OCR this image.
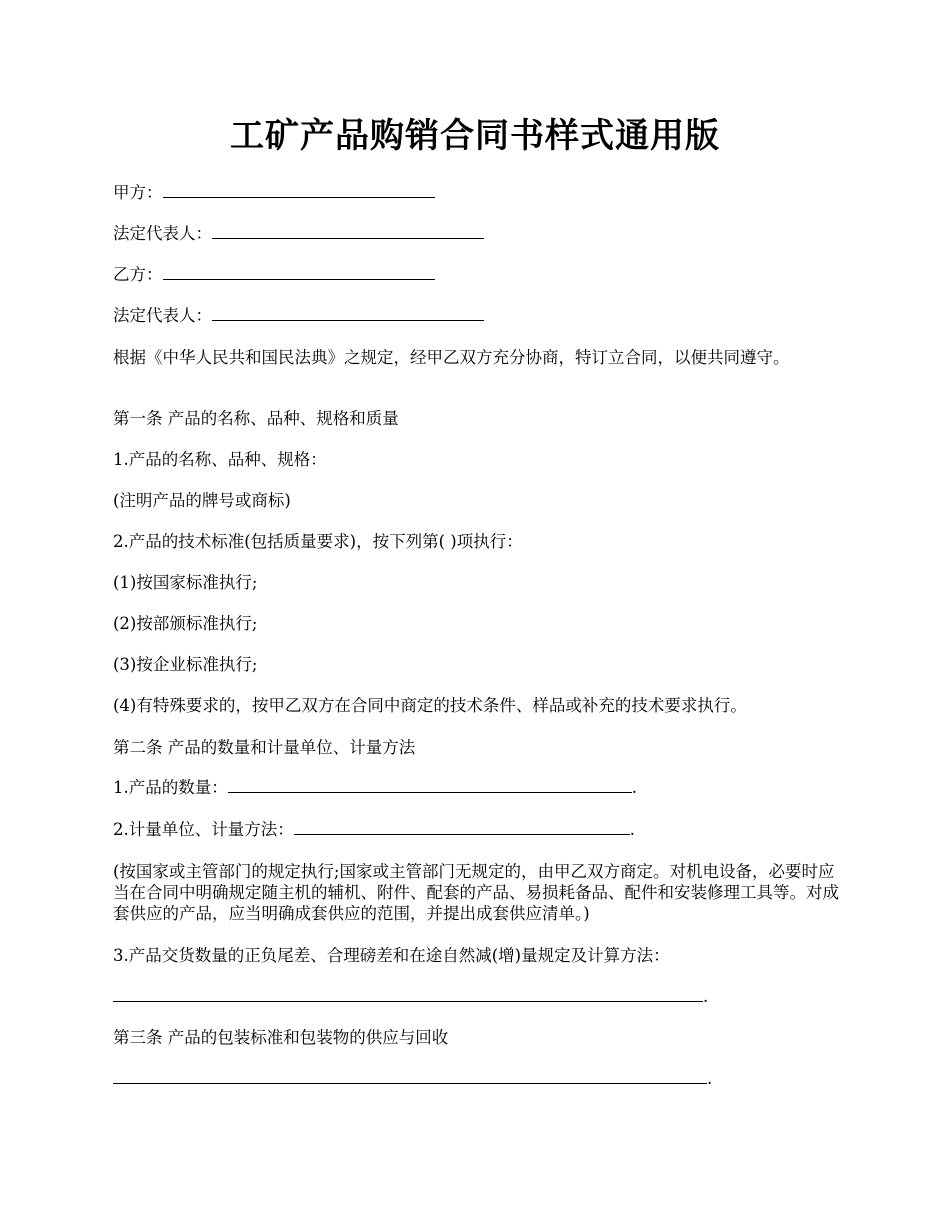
工矿产品购销合同书样式通用版
甲方：
法定代表人：
乙方：
法定代表人：
根据《中华人民共和国民法典》之规定，经甲乙双方充分协商，特订立合同，以便共同遵守。
第一条 产品的名称、品种、规格和质量
1.产品的名称、品种、规格：
(注明产品的牌号或商标)
2.产品的技术标准(包括质量要求)，按下列第( )项执行：
(1)按国家标准执行;
(2)按部颁标准执行;
(3)按企业标准执行;
(4)有特殊要求的，按甲乙双方在合同中商定的技术条件、样品或补充的技术要求执行。
第二条 产品的数量和计量单位、计量方法
1.产品的数量：	.
2.计量单位、计量方法：	.
(按国家或主管部门的规定执行;国家或主管部门无规定的，由甲乙双方商定。对机电设备，必要时应当在合同中明确规定随主机的辅机、附件、配套的产品、易损耗备品、配件和安装修理工具等。对成套供应的产品，应当明确成套供应的范围，并提出成套供应清单。)
3.产品交货数量的正负尾差、合理磅差和在途自然减(增)量规定及计算方法：
.
第三条 产品的包装标准和包装物的供应与回收
.
